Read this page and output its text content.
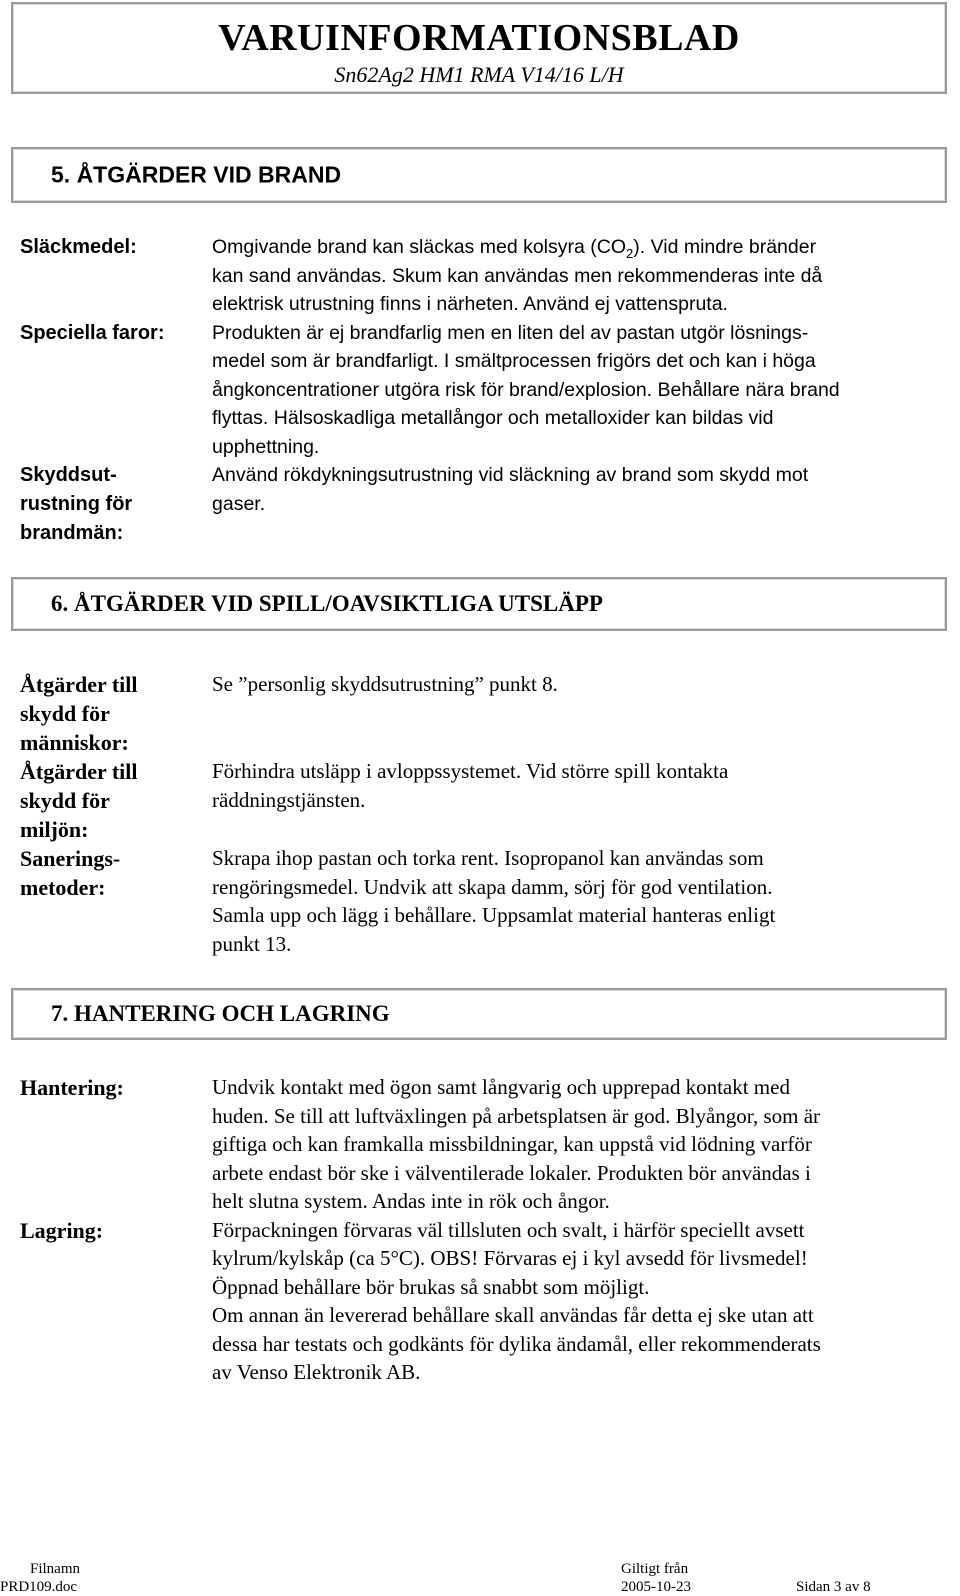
VARUINFORMATIONSBLAD
Sn62Ag2 HM1 RMA V14/16 L/H
5. ÅTGÄRDER VID BRAND
Släckmedel:
Speciella faror:
Skyddsut-
rustning för
brandmän:
Omgivande brand kan släckas med kolsyra $(CO_2)$. Vid mindre bränder
kan sand användas. Skum kan användas men rekommenderas inte då
elektrisk utrustning finns i närheten. Använd ej vattenspruta.
Produkten är ej brandfarlig men en liten del av pastan utgör lösnings-
medel som är brandfarligt. I smältprocessen frigörs det och kan i höga
ångkoncentrationer utgöra risk för brand/explosion. Behållare nära brand
flyttas. Hälsoskadliga metallångor och metalloxider kan bildas vid
upphettning.
Använd rökdykningsutrustning vid släckning av brand som skydd mot
gaser.
6. ÅTGÄRDER VID SPILL/OAVSIKTLIGA UTSLÄPP
Åtgärder till
skydd för
människor:
Åtgärder till
skydd för
miljön:
Sanerings-
metoder:
Se ”personlig skyddsutrustning” punkt 8.
Förhindra utsläpp i avloppssystemet. Vid större spill kontakta
räddningstjänsten.
Skrapa ihop pastan och torka rent. Isopropanol kan användas som
rengöringsmedel. Undvik att skapa damm, sörj för god ventilation.
Samla upp och lägg i behållare. Uppsamlat material hanteras enligt
punkt 13.
7. HANTERING OCH LAGRING
Hantering:
Lagring:
Undvik kontakt med ögon samt långvarig och upprepad kontakt med
huden. Se till att luftväxlingen på arbetsplatsen är god. Blyångor, som är
giftiga och kan framkalla missbildningar, kan uppstå vid lödning varför
arbete endast bör ske i välventilerade lokaler. Produkten bör användas i
helt slutna system. Andas inte in rök och ångor.
Förpackningen förvaras väl tillsluten och svalt, i härför speciellt avsett
kylrum/kylskåp (ca 5°C). OBS! Förvaras ej i kyl avsedd för livsmedel!
Öppnad behållare bör brukas så snabbt som möjligt.
Om annan än levererad behållare skall användas får detta ej ske utan att
dessa har testats och godkänts för dylika ändamål, eller rekommenderats
av Venso Elektronik AB.
Filnamn
PRD109.doc
Giltigt från
2005-10-23	Sidan 3 av 8
